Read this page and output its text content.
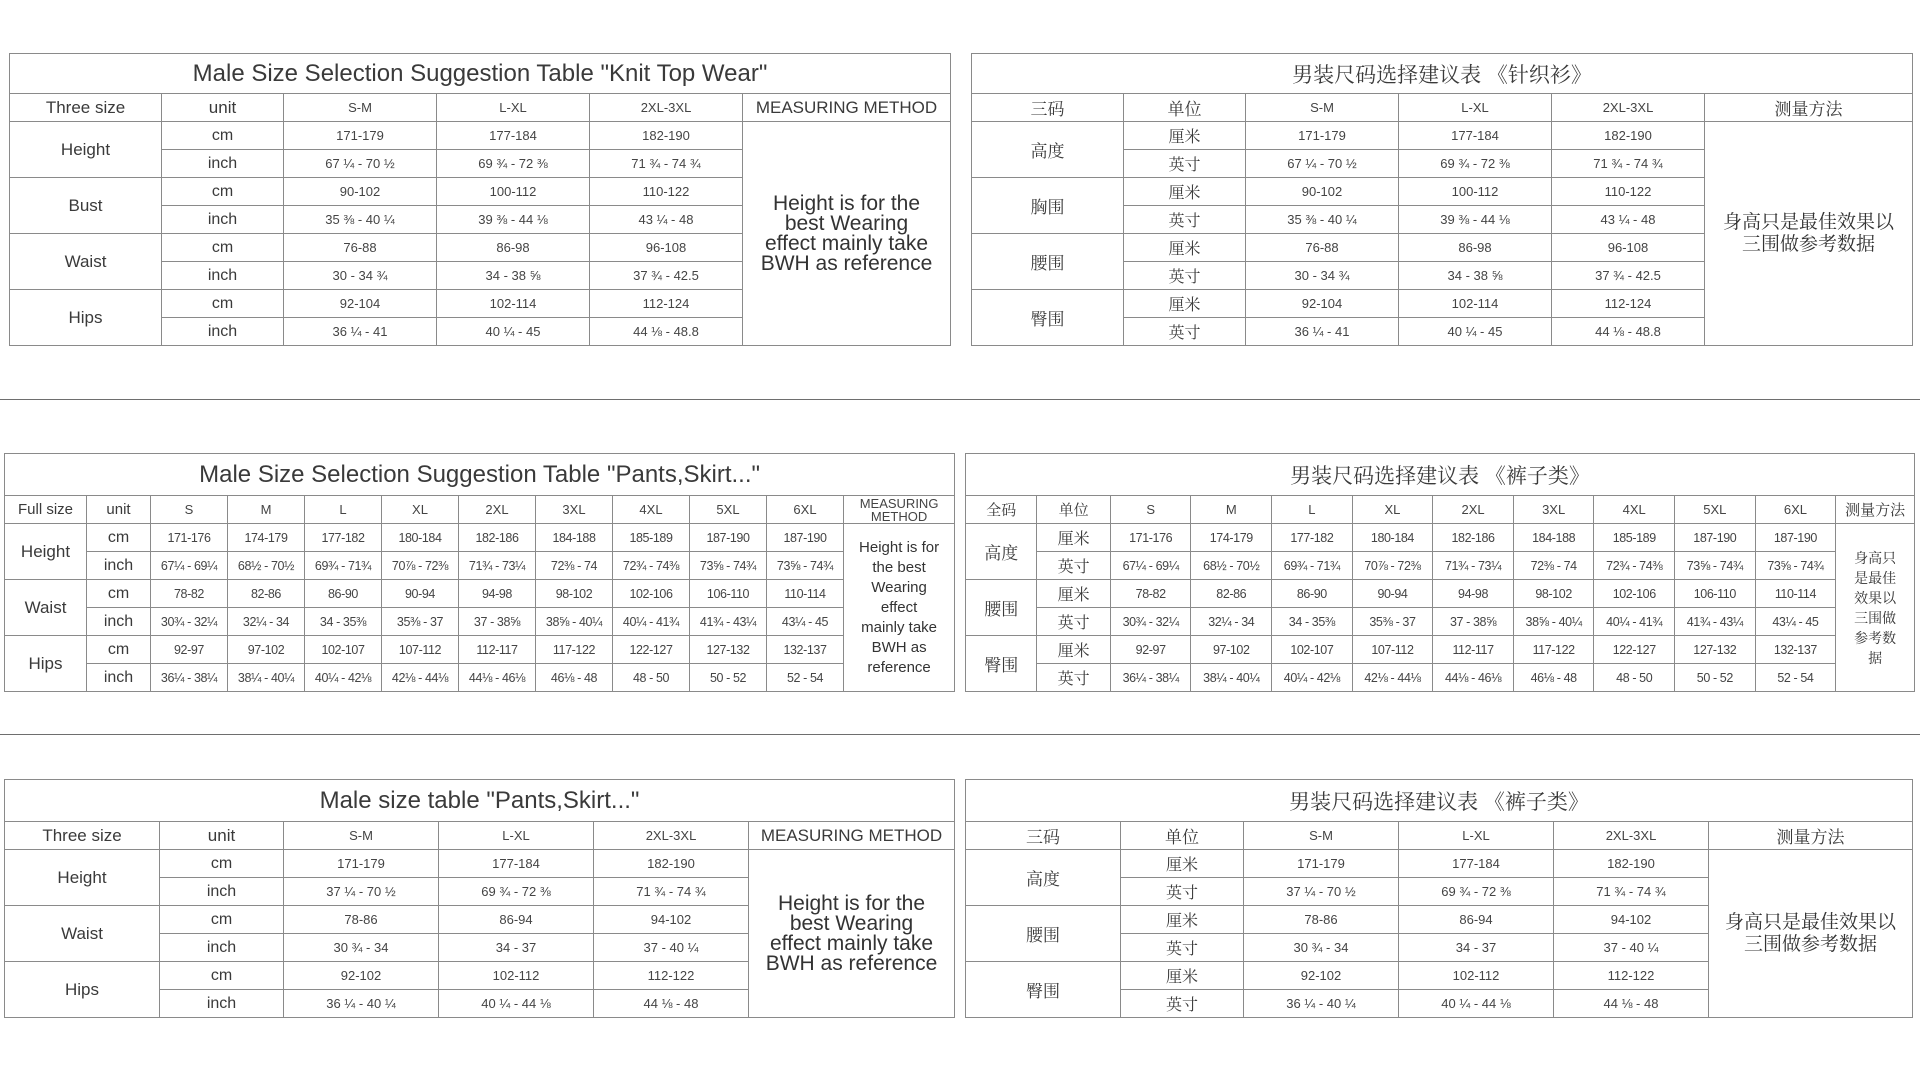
Male Size Selection Suggestion Table "Knit Top Wear"					
Three size	unit	S-M	L-XL	2XL-3XL	MEASURING METHOD
Height	cm	171-179	177-184	182-190	Height is for the best Wearing effect mainly take BWH as reference
	inch	67 ¼ - 70 ½	69 ¾ - 72 ⅜	71 ¾ - 74 ¾	
Bust	cm	90-102	100-112	110-122	
	inch	35 ⅜ - 40 ¼	39 ⅜ - 44 ⅛	43 ¼ - 48	
Waist	cm	76-88	86-98	96-108	
	inch	30 - 34 ¾	34 - 38 ⅝	37 ¾ - 42.5	
Hips	cm	92-104	102-114	112-124	
	inch	36 ¼ - 41	40 ¼ - 45	44 ⅛ - 48.8	
男装尺码选择建议表 《针织衫》					
三码	单位	S-M	L-XL	2XL-3XL	测量方法
高度	厘米	171-179	177-184	182-190	身高只是最佳效果以三围做参考数据
	英寸	67 ¼ - 70 ½	69 ¾ - 72 ⅜	71 ¾ - 74 ¾	
胸围	厘米	90-102	100-112	110-122	
	英寸	35 ⅜ - 40 ¼	39 ⅜ - 44 ⅛	43 ¼ - 48	
腰围	厘米	76-88	86-98	96-108	
	英寸	30 - 34 ¾	34 - 38 ⅝	37 ¾ - 42.5	
臀围	厘米	92-104	102-114	112-124	
	英寸	36 ¼ - 41	40 ¼ - 45	44 ⅛ - 48.8	
Male Size Selection Suggestion Table "Pants,Skirt..."											
Full size	unit	S	M	L	XL	2XL	3XL	4XL	5XL	6XL	MEASURING METHOD
Height	cm	171-176	174-179	177-182	180-184	182-186	184-188	185-189	187-190	187-190	Height is for the best Wearing effect mainly take BWH as reference
	inch	67¼ - 69¼	68½ - 70½	69¾ - 71¾	70⅞ - 72⅜	71¾ - 73¼	72⅜ - 74	72¾ - 74⅜	73⅝ - 74¾	73⅝ - 74¾	
Waist	cm	78-82	82-86	86-90	90-94	94-98	98-102	102-106	106-110	110-114	
	inch	30¾ - 32¼	32¼ - 34	34 - 35⅜	35⅜ - 37	37 - 38⅝	38⅝ - 40¼	40¼ - 41¾	41¾ - 43¼	43¼ - 45	
Hips	cm	92-97	97-102	102-107	107-112	112-117	117-122	122-127	127-132	132-137	
	inch	36¼ - 38¼	38¼ - 40¼	40¼ - 42⅛	42⅛ - 44⅛	44⅛ - 46⅛	46⅛ - 48	48 - 50	50 - 52	52 - 54	
男装尺码选择建议表 《裤子类》											
全码	单位	S	M	L	XL	2XL	3XL	4XL	5XL	6XL	测量方法
高度	厘米	171-176	174-179	177-182	180-184	182-186	184-188	185-189	187-190	187-190	身高只是最佳效果以三围做参考数据
	英寸	67¼ - 69¼	68½ - 70½	69¾ - 71¾	70⅞ - 72⅜	71¾ - 73¼	72⅜ - 74	72¾ - 74⅜	73⅝ - 74¾	73⅝ - 74¾	
腰围	厘米	78-82	82-86	86-90	90-94	94-98	98-102	102-106	106-110	110-114	
	英寸	30¾ - 32¼	32¼ - 34	34 - 35⅜	35⅜ - 37	37 - 38⅝	38⅝ - 40¼	40¼ - 41¾	41¾ - 43¼	43¼ - 45	
臀围	厘米	92-97	97-102	102-107	107-112	112-117	117-122	122-127	127-132	132-137	
	英寸	36¼ - 38¼	38¼ - 40¼	40¼ - 42⅛	42⅛ - 44⅛	44⅛ - 46⅛	46⅛ - 48	48 - 50	50 - 52	52 - 54	
Male size table "Pants,Skirt..."					
Three size	unit	S-M	L-XL	2XL-3XL	MEASURING METHOD
Height	cm	171-179	177-184	182-190	Height is for the best Wearing effect mainly take BWH as reference
	inch	37 ¼ - 70 ½	69 ¾ - 72 ⅜	71 ¾ - 74 ¾	
Waist	cm	78-86	86-94	94-102	
	inch	30 ¾ - 34	34 - 37	37 - 40 ¼	
Hips	cm	92-102	102-112	112-122	
	inch	36 ¼ - 40 ¼	40 ¼ - 44 ⅛	44 ⅛ - 48	
男装尺码选择建议表 《裤子类》					
三码	单位	S-M	L-XL	2XL-3XL	测量方法
高度	厘米	171-179	177-184	182-190	身高只是最佳效果以三围做参考数据
	英寸	37 ¼ - 70 ½	69 ¾ - 72 ⅜	71 ¾ - 74 ¾	
腰围	厘米	78-86	86-94	94-102	
	英寸	30 ¾ - 34	34 - 37	37 - 40 ¼	
臀围	厘米	92-102	102-112	112-122	
	英寸	36 ¼ - 40 ¼	40 ¼ - 44 ⅛	44 ⅛ - 48	
